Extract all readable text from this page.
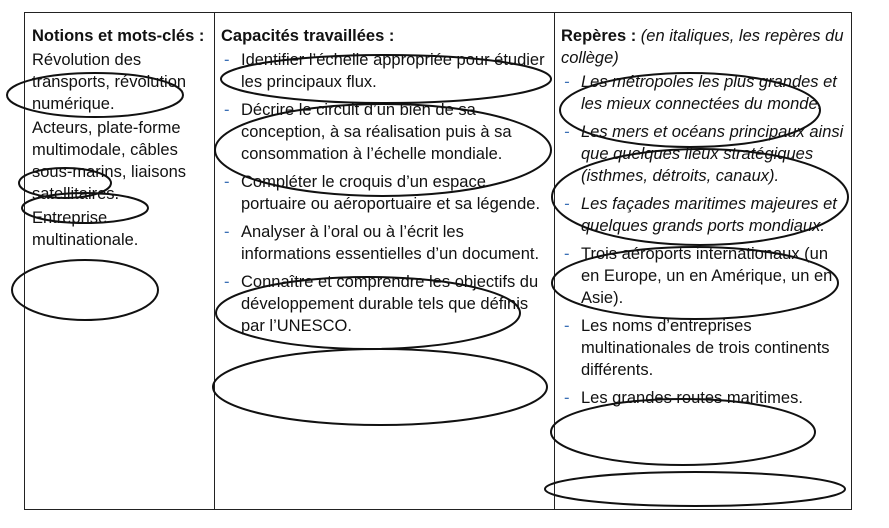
Notions et mots-clés :
Révolution des transports, révolution numérique.
Acteurs, plate-forme multimodale, câbles sous-marins, liaisons satellitaires.
Entreprise multinationale.
Capacités travaillées :
- Identifier l’échelle appropriée pour étudier les principaux flux.
- Décrire le circuit d’un bien de sa conception, à sa réalisation puis à sa consommation à l’échelle mondiale.
- Compléter le croquis d’un espace portuaire ou aéroportuaire et sa légende.
- Analyser à l’oral ou à l’écrit les informations essentielles d’un document.
- Connaître et comprendre les objectifs du développement durable tels que définis par l’UNESCO.
Repères : (en italiques, les repères du collège)
- Les métropoles les plus grandes et les mieux connectées du monde.
- Les mers et océans principaux ainsi que quelques lieux stratégiques (isthmes, détroits, canaux).
- Les façades maritimes majeures et quelques grands ports mondiaux.
- Trois aéroports internationaux (un en Europe, un en Amérique, un en Asie).
- Les noms d’entreprises multinationales de trois continents différents.
- Les grandes routes maritimes.
